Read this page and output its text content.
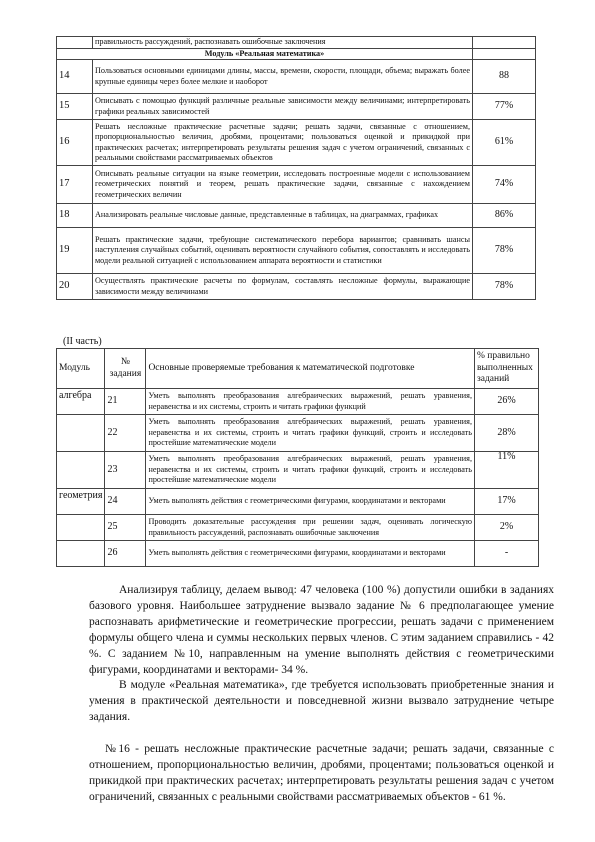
	правильность рассуждений, распознавать ошибочные заключения	
Модуль «Реальная математика»		
14	Пользоваться основными единицами длины, массы, времени, скорости, площади, объема; выражать более крупные единицы через более мелкие и наоборот	88
15	Описывать с помощью функций различные реальные зависимости между величинами; интерпретировать графики реальных зависимостей	77%
16	Решать несложные практические расчетные задачи; решать задачи, связанные с отношением, пропорциональностью величин, дробями, процентами; пользоваться оценкой и прикидкой при практических расчетах; интерпретировать результаты решения задач с учетом ограничений, связанных с реальными свойствами рассматриваемых объектов	61%
17	Описывать реальные ситуации на языке геометрии, исследовать построенные модели с использованием геометрических понятий и теорем, решать практические задачи, связанные с нахождением геометрических величин	74%
18	Анализировать реальные числовые данные, представленные в таблицах, на диаграммах, графиках	86%
19	Решать практические задачи, требующие систематического перебора вариантов; сравнивать шансы наступления случайных событий, оценивать вероятности случайного события, сопоставлять и исследовать модели реальной ситуацией с использованием аппарата вероятности и статистики	78%
20	Осуществлять практические расчеты по формулам, составлять несложные формулы, выражающие зависимости между величинами	78%
(II часть)
Модуль	№ задания	Основные проверяемые требования к математической подготовке	% правильно выполненных заданий
алгебра	21	Уметь выполнять преобразования алгебраических выражений, решать уравнения, неравенства и их системы, строить и читать графики функций	26%
	22	Уметь выполнять преобразования алгебраических выражений, решать уравнения, неравенства и их системы, строить и читать графики функций, строить и исследовать простейшие математические модели	28%
	23	Уметь выполнять преобразования алгебраических выражений, решать уравнения, неравенства и их системы, строить и читать графики функций, строить и исследовать простейшие математические модели	11%
геометрия	24	Уметь выполнять действия с геометрическими фигурами, координатами и векторами	17%
	25	Проводить доказательные рассуждения при решении задач, оценивать логическую правильность рассуждений, распознавать ошибочные заключения	2%
	26	Уметь выполнять действия с геометрическими фигурами, координатами и векторами	-

Анализируя таблицу, делаем вывод: 47 человека (100 %) допустили ошибки в заданиях базового уровня. Наибольшее затруднение вызвало задание № 6 предполагающее умение распознавать арифметические и геометрические прогрессии, решать задачи с применением формулы общего члена и суммы нескольких первых членов. С этим заданием справились - 42 %. С заданием №10, направленным на умение выполнять действия с геометрическими фигурами, координатами и векторами- 34 %.

В модуле «Реальная математика», где требуется использовать приобретенные знания и умения в практической деятельности и повседневной жизни вызвало затруднение четыре задания.

№16 - решать несложные практические расчетные задачи; решать задачи, связанные с отношением, пропорциональностью величин, дробями, процентами; пользоваться оценкой и прикидкой при практических расчетах; интерпретировать результаты решения задач с учетом ограничений, связанных с реальными свойствами рассматриваемых объектов - 61 %.
